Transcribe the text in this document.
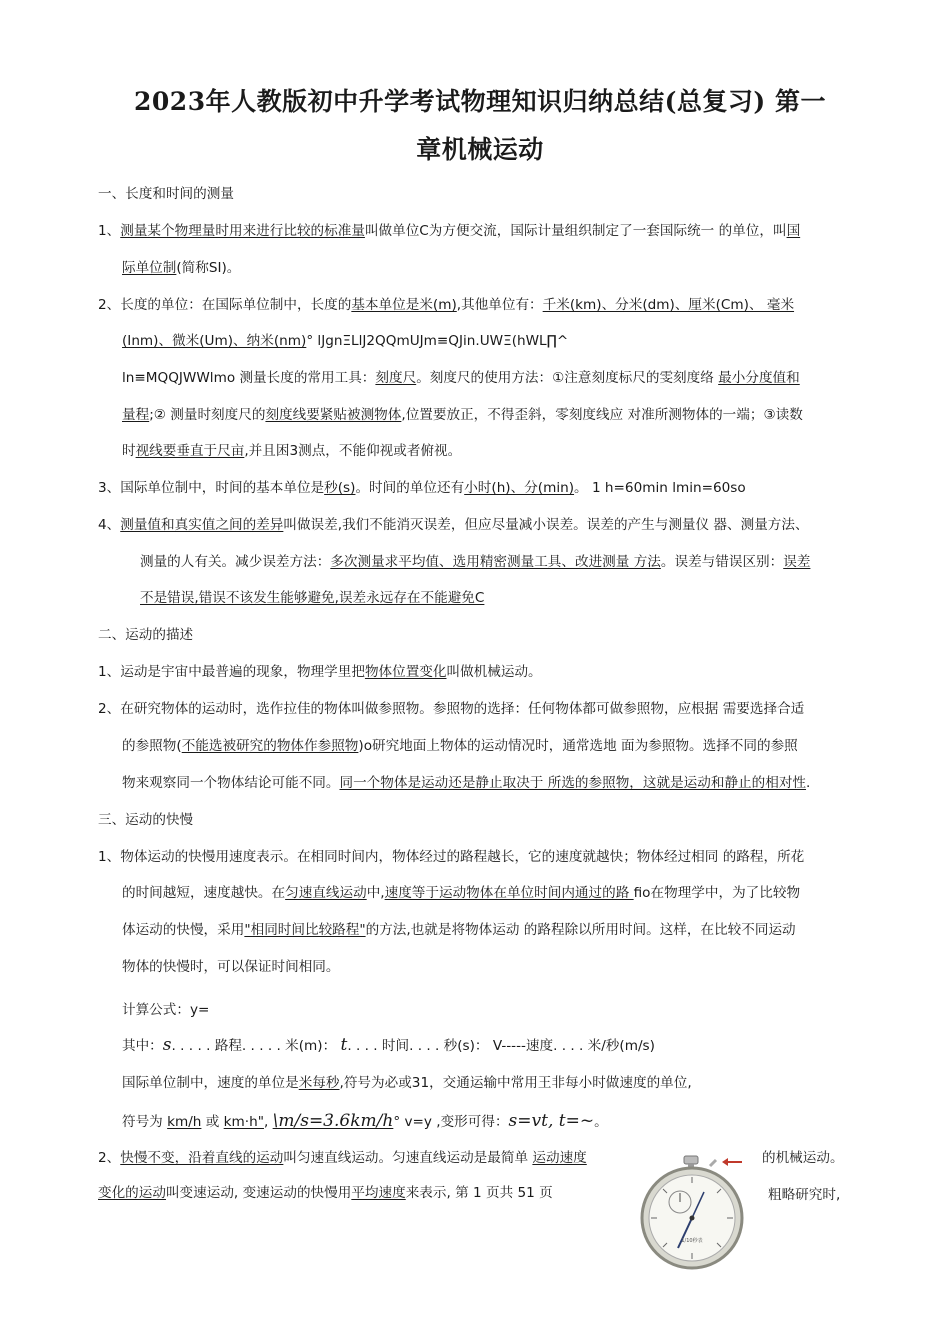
2023年人教版初中升学考试物理知识归纳总结(总复习) 第一
章机械运动
一、长度和时间的测量
1、测量某个物理量时用来进行比较的标准量叫做单位C为方便交流，国际计量组织制定了一套国际统一 的单位，叫国
际单位制(简称SI)。
2、长度的单位：在国际单位制中，长度的基本单位是米(m),其他单位有：千米(km)、分米(dm)、厘米(Cm)、 毫米
(Inm)、微米(Um)、纳米(nm)° lJgnΞLlJ2QQmUJm≡QJin.UWΞ(hWL∏^
ln≡MQQJWWlmo 测量长度的常用工具：刻度尺。刻度尺的使用方法：①注意刻度标尺的雯刻度络 最小分度值和
量程;② 测量时刻度尺的刻度线要紧贴被测物体,位置要放正，不得歪斜，零刻度线应 对准所测物体的一端；③读数
时视线要垂直于尺亩,并且困3测点，不能仰视或者俯视。
3、国际单位制中，时间的基本单位是秒(s)。时间的单位还有小时(h)、分(min)。 1 h=60min lmin=60so
4、测量值和真实值之间的差异叫做误差,我们不能消灭误差，但应尽量减小误差。误差的产生与测量仪 器、测量方法、
测量的人有关。减少误差方法：多次测量求平均值、选用精密测量工具、改进测量 方法。误差与错误区别：误差
不是错误,错误不该发生能够避免,误差永远存在不能避免C
二、运动的描述
1、运动是宇宙中最普遍的现象，物理学里把物体位置变化叫做机械运动。
2、在研究物体的运动时，选作拉佳的物体叫做参照物。参照物的选择：任何物体都可做参照物，应根据 需要选择合适
的参照物(不能选被研究的物体作参照物)o研究地面上物体的运动情况时，通常选地 面为参照物。选择不同的参照
物来观察同一个物体结论可能不同。同一个物体是运动还是静止取决于 所选的参照物，这就是运动和静止的相对性.
三、运动的快慢
1、物体运动的快慢用速度表示。在相同时间内，物体经过的路程越长，它的速度就越快；物体经过相同 的路程，所花
的时间越短，速度越快。在匀速直线运动中,速度等于运动物体在单位时间内通过的路 fio在物理学中，为了比较物
体运动的快慢，采用"相同时间比较路程"的方法,也就是将物体运动 的路程除以所用时间。这样，在比较不同运动
物体的快慢时，可以保证时间相同。
计算公式：y=
其中：s. . . . . 路程. . . . . 米(m)： t. . . . 时间. . . . 秒(s)： V-----速度. . . . 米/秒(m∕s)
国际单位制中，速度的单位是米每秒,符号为必或31，交通运输中常用王非每小时做速度的单位,
符号为 km/h 或 km·h", \m∕s=3.6km∕h° v=y ,变形可得：s=vt, t=~。
2、快慢不变，沿着直线的运动叫匀速直线运动。匀速直线运动是最简单 运动速度	的机械运动。
变化的运动叫变速运动, 变速运动的快慢用平均速度来表示, 第 1 页共 51 页	粗略研究时,
1/10秒表
